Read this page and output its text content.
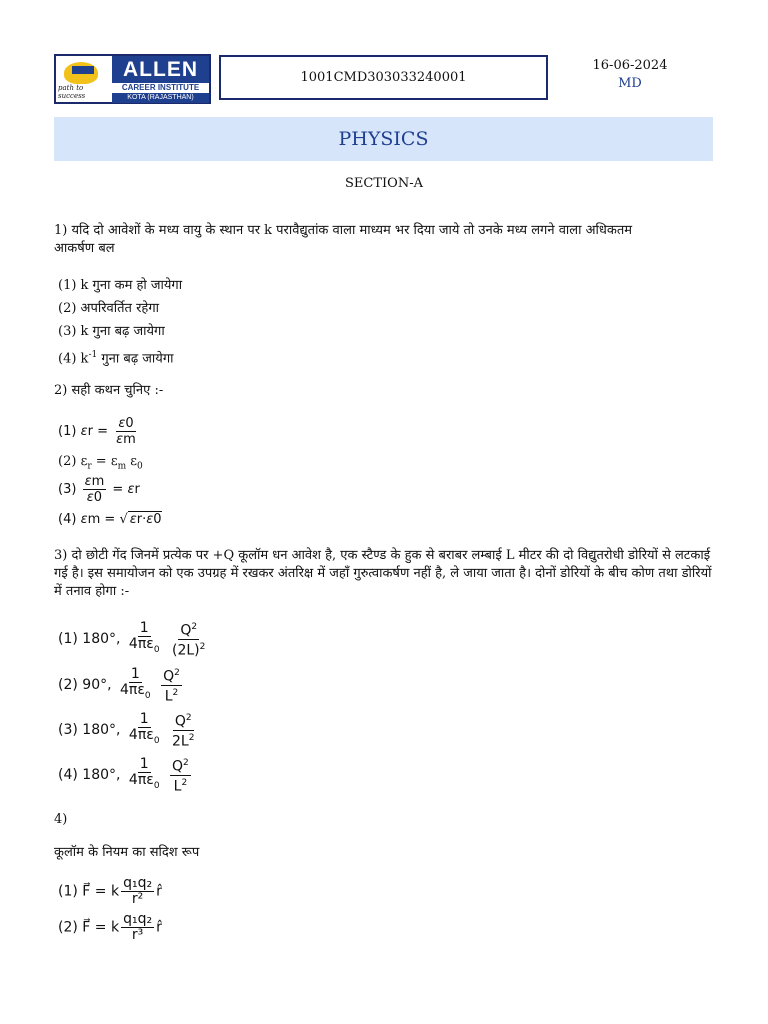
path to success
ALLEN
CAREER INSTITUTE
KOTA (RAJASTHAN)
1001CMD303033240001
16-06-2024
MD
PHYSICS
SECTION-A
1) यदि दो आवेशों के मध्य वायु के स्थान पर k परावैद्युतांक वाला माध्यम भर दिया जाये तो उनके मध्य लगने वाला अधिकतम आकर्षण बल
(1) k गुना कम हो जायेगा
(2) अपरिवर्तित रहेगा
(3) k गुना बढ़ जायेगा
(4) $k^{-1}$ गुना बढ़ जायेगा
2) सही कथन चुनिए :-
(1) $\varepsilon r = \frac{\varepsilon 0}{\varepsilon m}$
(2) $\varepsilon_r = \varepsilon_m$ $\varepsilon_0$
$(3) \frac{\varepsilon m}{\varepsilon 0} = \varepsilon r$
(4) εm = √ εr·ε0
3) दो छोटी गेंद जिनमें प्रत्येक पर +Q कूलॉम धन आवेश है, एक स्टैण्ड के हुक से बराबर लम्बाई L मीटर की दो विद्युतरोधी डोरियों से लटकाई गई है। इस समायोजन को एक उपग्रह में रखकर अंतरिक्ष में जहाँ गुरुत्वाकर्षण नहीं है, ले जाया जाता है। दोनों डोरियों के बीच कोण तथा डोरियों में तनाव होगा :-
(1) 180°, $\frac{1}{4\pi\varepsilon_0}$
$\frac{Q^2}{(2L)^2}$
(2) 90°, $\frac{1}{4\pi\varepsilon_0}$
$\frac{Q^2}{L^2}$
(3) 180°, $\frac{1}{4\pi\varepsilon_0}$
$\frac{Q^2}{2L^2}$
(4) 180°, $\frac{1}{4\pi\varepsilon_0}$
$\frac{Q^2}{L^2}$
4)
कूलॉम के नियम का सदिश रूप
(1) F⃗ = k $\frac{\text{q₁q₂}}{\text{r²}}$ r̂
(2) F⃗ = k $\frac{\text{q₁q₂}}{\text{r³}}$ r̂
